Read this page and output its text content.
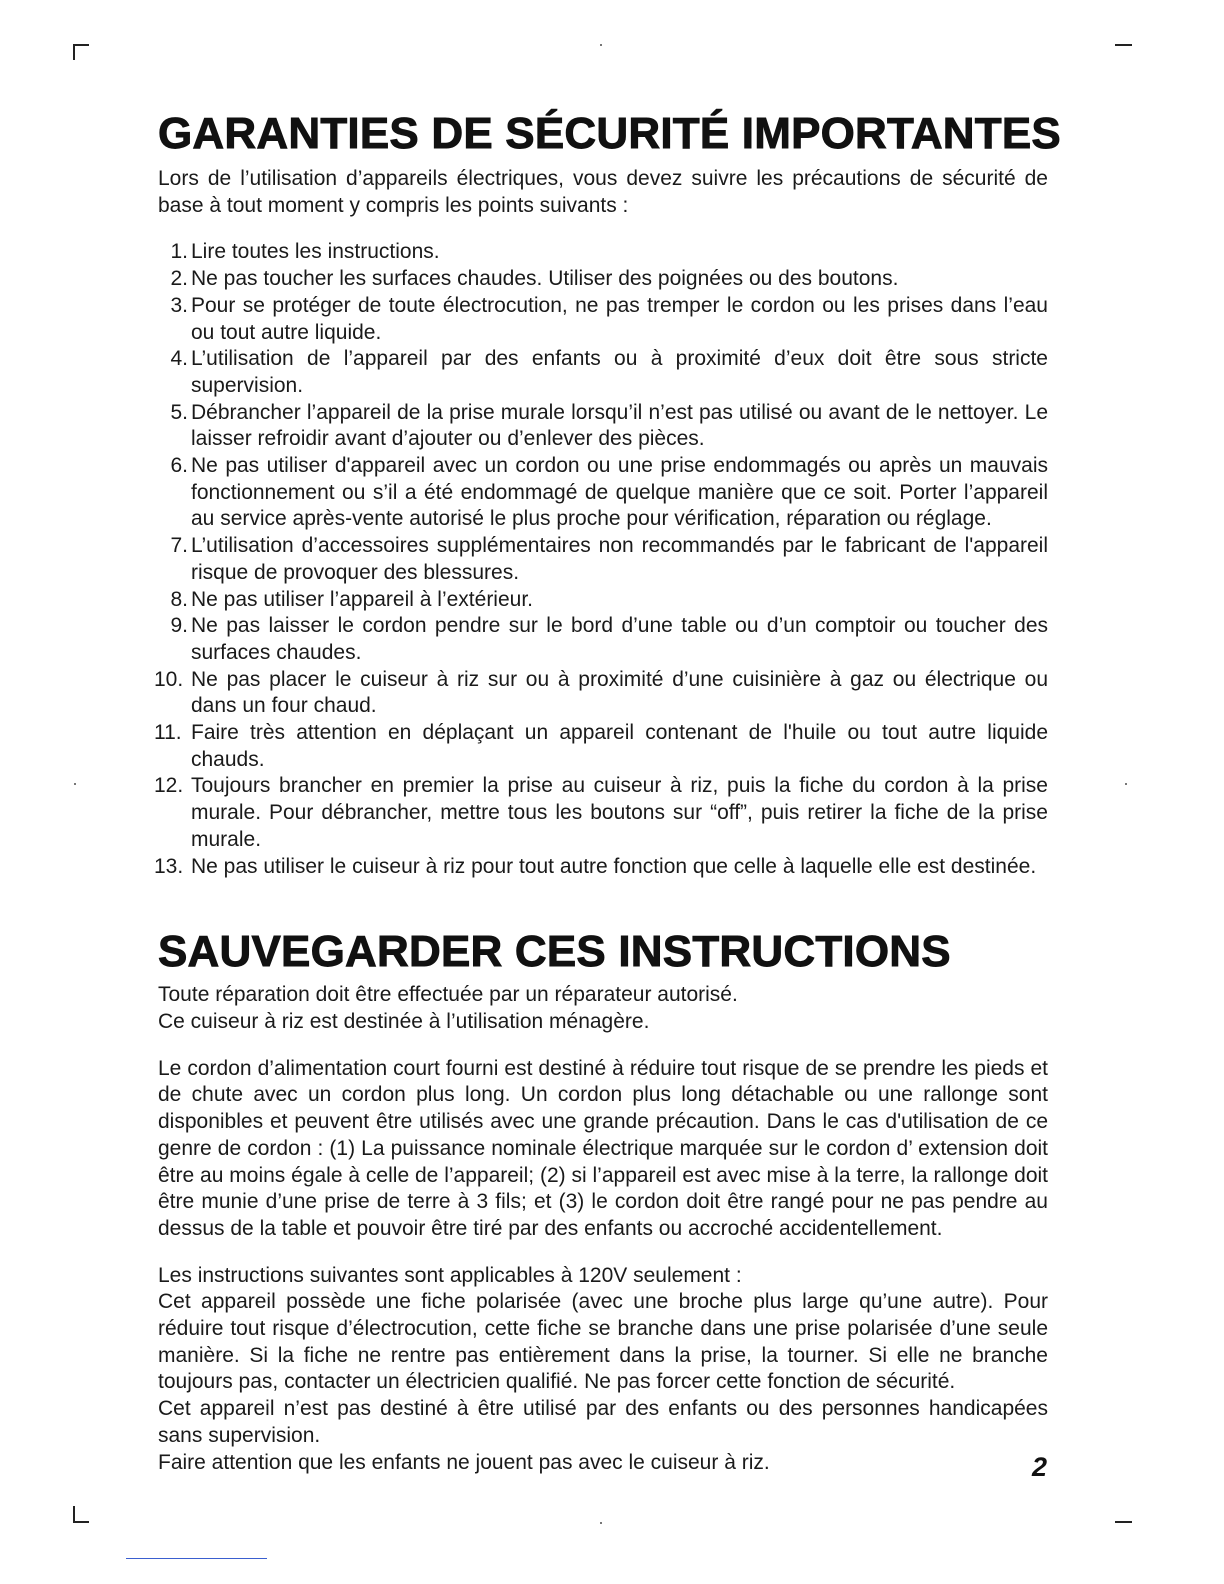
GARANTIES DE SÉCURITÉ IMPORTANTES

Lors de l’utilisation d’appareils électriques, vous devez suivre les précautions de sécurité de base à tout moment y compris les points suivants :

1. Lire toutes les instructions.
2. Ne pas toucher les surfaces chaudes. Utiliser des poignées ou des boutons.
3. Pour se protéger de toute électrocution, ne pas tremper le cordon ou les prises dans l’eau ou tout autre liquide.
4. L’utilisation de l’appareil par des enfants ou à proximité d’eux doit être sous stricte supervision.
5. Débrancher l’appareil de la prise murale lorsqu’il n’est pas utilisé ou avant de le nettoyer. Le laisser refroidir avant d’ajouter ou d’enlever des pièces.
6. Ne pas utiliser d'appareil avec un cordon ou une prise endommagés ou après un mauvais fonctionnement ou s’il a été endommagé de quelque manière que ce soit. Porter l’appareil au service après-vente autorisé le plus proche pour vérification, réparation ou réglage.
7. L’utilisation d’accessoires supplémentaires non recommandés par le fabricant de l'appareil risque de provoquer des blessures.
8. Ne pas utiliser l’appareil à l’extérieur.
9. Ne pas laisser le cordon pendre sur le bord d’une table ou d’un comptoir ou toucher des surfaces chaudes.
10. Ne pas placer le cuiseur à riz sur ou à proximité d’une cuisinière à gaz ou électrique ou dans un four chaud.
11. Faire très attention en déplaçant un appareil contenant de l'huile ou tout autre liquide chauds.
12. Toujours brancher en premier la prise au cuiseur à riz, puis la fiche du cordon à la prise murale. Pour débrancher, mettre tous les boutons sur “off”, puis retirer la fiche de la prise murale.
13. Ne pas utiliser le cuiseur à riz pour tout autre fonction que celle à laquelle elle est destinée.
SAUVEGARDER CES INSTRUCTIONS

Toute réparation doit être effectuée par un réparateur autorisé.

Ce cuiseur à riz est destinée à l’utilisation ménagère.

Le cordon d’alimentation court fourni est destiné à réduire tout risque de se prendre les pieds et de chute avec un cordon plus long. Un cordon plus long détachable ou une rallonge sont disponibles et peuvent être utilisés avec une grande précaution. Dans le cas d'utilisation de ce genre de cordon : (1) La puissance nominale électrique marquée sur le cordon d’ extension doit être au moins égale à celle de l’appareil; (2) si l’appareil est avec mise à la terre, la rallonge doit être munie d’une prise de terre à 3 fils; et (3) le cordon doit être rangé pour ne pas pendre au dessus de la table et pouvoir être tiré par des enfants ou accroché accidentellement.

Les instructions suivantes sont applicables à 120V seulement :

Cet appareil possède une fiche polarisée (avec une broche plus large qu’une autre). Pour réduire tout risque d’électrocution, cette fiche se branche dans une prise polarisée d’une seule manière. Si la fiche ne rentre pas entièrement dans la prise, la tourner. Si elle ne branche toujours pas, contacter un électricien qualifié. Ne pas forcer cette fonction de sécurité.

Cet appareil n’est pas destiné à être utilisé par des enfants ou des personnes handicapées sans supervision.

Faire attention que les enfants ne jouent pas avec le cuiseur à riz.	2
